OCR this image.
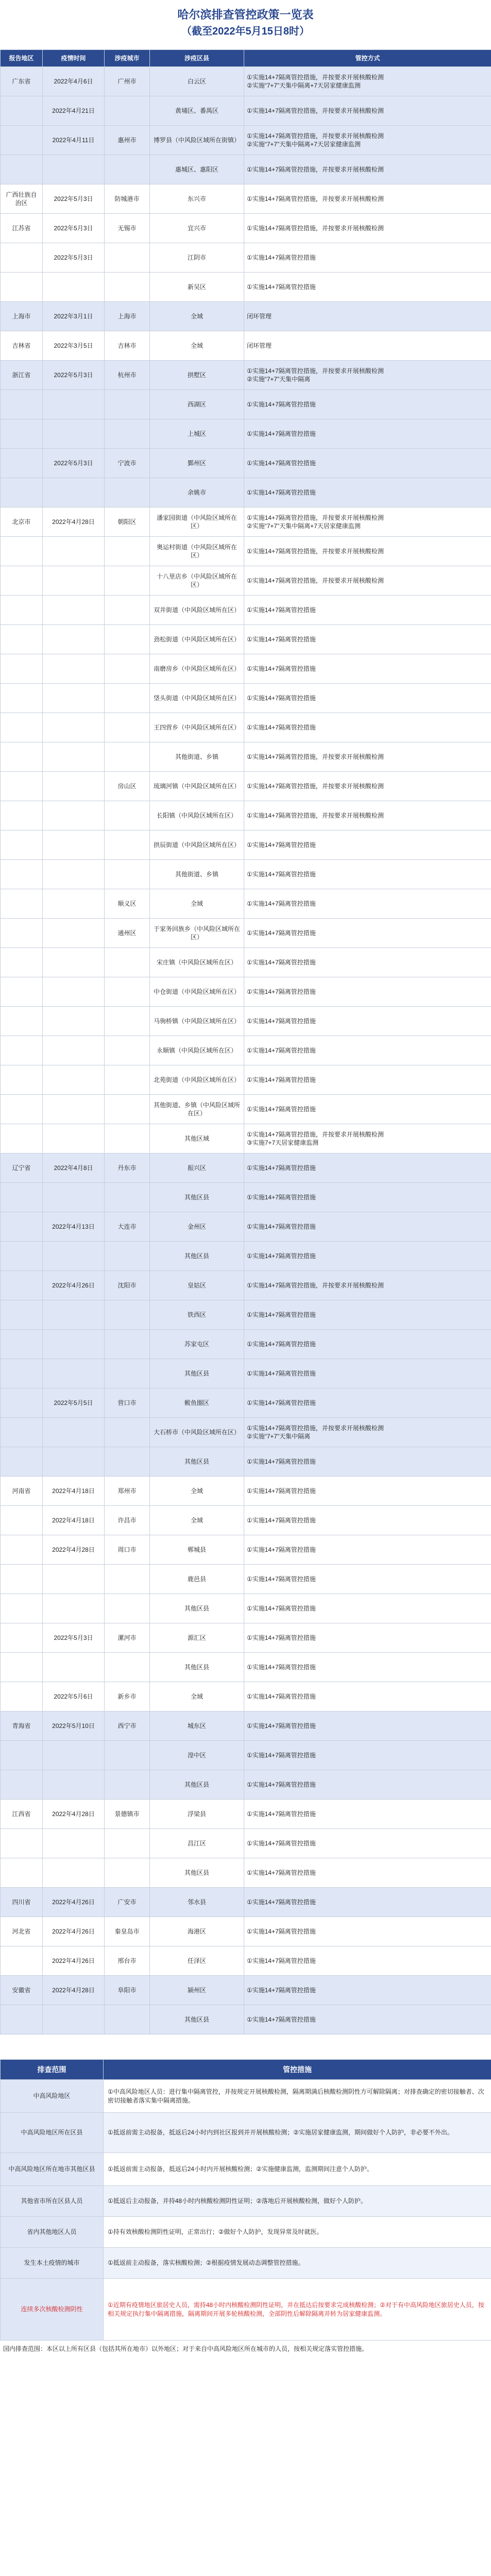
哈尔滨排查管控政策一览表
（截至2022年5月15日8时）
报告地区	疫情时间	涉疫城市	涉疫区县	管控方式
广东省	2022年4月6日	广州市	白云区	①实施14+7隔离管控措施，并按要求开展核酸检测
②实施“7+7”天集中隔离+7天居家健康监测

	2022年4月21日		黄埔区、番禺区	①实施14+7隔离管控措施，并按要求开展核酸检测

	2022年4月11日	惠州市	博罗县（中风险区域所在街镇）	①实施14+7隔离管控措施，并按要求开展核酸检测
②实施“7+7”天集中隔离+7天居家健康监测

			惠城区、惠阳区	①实施14+7隔离管控措施，并按要求开展核酸检测

广西壮族自治区	2022年5月3日	防城港市	东兴市	①实施14+7隔离管控措施，并按要求开展核酸检测

江苏省	2022年5月3日	无锡市	宜兴市	①实施14+7隔离管控措施，并按要求开展核酸检测

	2022年5月3日		江阴市	①实施14+7隔离管控措施

			新吴区	①实施14+7隔离管控措施

上海市	2022年3月1日	上海市	全域	闭环管理

吉林省	2022年3月5日	吉林市	全域	闭环管理

浙江省	2022年5月3日	杭州市	拱墅区	①实施14+7隔离管控措施，并按要求开展核酸检测
②实施“7+7”天集中隔离

			西湖区	①实施14+7隔离管控措施

			上城区	①实施14+7隔离管控措施

	2022年5月3日	宁波市	鄞州区	①实施14+7隔离管控措施

			余姚市	①实施14+7隔离管控措施

北京市	2022年4月28日	朝阳区	潘家园街道（中风险区域所在区）	①实施14+7隔离管控措施，并按要求开展核酸检测
②实施“7+7”天集中隔离+7天居家健康监测

			奥运村街道（中风险区域所在区）	①实施14+7隔离管控措施，并按要求开展核酸检测

			十八里店乡（中风险区域所在区）	①实施14+7隔离管控措施，并按要求开展核酸检测

			双井街道（中风险区域所在区）	①实施14+7隔离管控措施

			劲松街道（中风险区域所在区）	①实施14+7隔离管控措施

			南磨房乡（中风险区域所在区）	①实施14+7隔离管控措施

			垡头街道（中风险区域所在区）	①实施14+7隔离管控措施

			王四营乡（中风险区域所在区）	①实施14+7隔离管控措施

			其他街道、乡镇	①实施14+7隔离管控措施，并按要求开展核酸检测

		房山区	琉璃河镇（中风险区域所在区）	①实施14+7隔离管控措施，并按要求开展核酸检测

			长阳镇（中风险区域所在区）	①实施14+7隔离管控措施，并按要求开展核酸检测

			拱辰街道（中风险区域所在区）	①实施14+7隔离管控措施

			其他街道、乡镇	①实施14+7隔离管控措施

		顺义区	全域	①实施14+7隔离管控措施

		通州区	于家务回族乡（中风险区域所在区）	①实施14+7隔离管控措施

			宋庄镇（中风险区域所在区）	①实施14+7隔离管控措施

			中仓街道（中风险区域所在区）	①实施14+7隔离管控措施

			马驹桥镇（中风险区域所在区）	①实施14+7隔离管控措施

			永顺镇（中风险区域所在区）	①实施14+7隔离管控措施

			北苑街道（中风险区域所在区）	①实施14+7隔离管控措施

			其他街道、乡镇（中风险区域所在区）	①实施14+7隔离管控措施

			其他区域	①实施14+7隔离管控措施，并按要求开展核酸检测
③实施7+7天居家健康监测

辽宁省	2022年4月8日	丹东市	振兴区	①实施14+7隔离管控措施

			其他区县	①实施14+7隔离管控措施

	2022年4月13日	大连市	金州区	①实施14+7隔离管控措施

			其他区县	①实施14+7隔离管控措施

	2022年4月26日	沈阳市	皇姑区	①实施14+7隔离管控措施，并按要求开展核酸检测

			铁西区	①实施14+7隔离管控措施

			苏家屯区	①实施14+7隔离管控措施

			其他区县	①实施14+7隔离管控措施

	2022年5月5日	营口市	鲅鱼圈区	①实施14+7隔离管控措施

			大石桥市（中风险区域所在区）	①实施14+7隔离管控措施，并按要求开展核酸检测
②实施“7+7”天集中隔离

			其他区县	①实施14+7隔离管控措施

河南省	2022年4月18日	郑州市	全域	①实施14+7隔离管控措施

	2022年4月18日	许昌市	全域	①实施14+7隔离管控措施

	2022年4月28日	周口市	郸城县	①实施14+7隔离管控措施

			鹿邑县	①实施14+7隔离管控措施

			其他区县	①实施14+7隔离管控措施

	2022年5月3日	漯河市	源汇区	①实施14+7隔离管控措施

			其他区县	①实施14+7隔离管控措施

	2022年5月6日	新乡市	全域	①实施14+7隔离管控措施

青海省	2022年5月10日	西宁市	城东区	①实施14+7隔离管控措施

			湟中区	①实施14+7隔离管控措施

			其他区县	①实施14+7隔离管控措施

江西省	2022年4月28日	景德镇市	浮梁县	①实施14+7隔离管控措施

			昌江区	①实施14+7隔离管控措施

			其他区县	①实施14+7隔离管控措施

四川省	2022年4月26日	广安市	邻水县	①实施14+7隔离管控措施

河北省	2022年4月26日	秦皇岛市	海港区	①实施14+7隔离管控措施

	2022年4月26日	邢台市	任泽区	①实施14+7隔离管控措施

安徽省	2022年4月28日	阜阳市	颍州区	①实施14+7隔离管控措施

			其他区县	①实施14+7隔离管控措施
排查范围	管控措施
中高风险地区	①中高风险地区人员：进行集中隔离管控，并按规定开展核酸检测，隔离期满后核酸检测阴性方可解除隔离；对排查确定的密切接触者、次密切接触者落实集中隔离措施。
中高风险地区所在区县	①抵返前需主动报备，抵返后24小时内到社区报到并开展核酸检测；②实施居家健康监测，期间做好个人防护，非必要不外出。
中高风险地区所在地市其他区县	①抵返前需主动报备，抵返后24小时内开展核酸检测；②实施健康监测，监测期间注意个人防护。
其他省市所在区县人员	①抵返后主动报备，并持48小时内核酸检测阴性证明；②落地后开展核酸检测，做好个人防护。
省内其他地区人员	①持有效核酸检测阴性证明，正常出行；②做好个人防护，发现异常及时就医。
发生本土疫情的城市	①抵返前主动报备，落实核酸检测；②根据疫情发展动态调整管控措施。
连续多次核酸检测阴性	①近期有疫情地区旅居史人员，需持48小时内核酸检测阴性证明，并在抵达后按要求完成核酸检测；②对于有中高风险地区旅居史人员，按相关规定执行集中隔离措施，隔离期间开展多轮核酸检测，全部阴性后解除隔离并转为居家健康监测。
国内排查范围：本区以上所有区县（包括其所在地市）以外地区；对于来自中高风险地区所在城市的人员，按相关规定落实管控措施。
